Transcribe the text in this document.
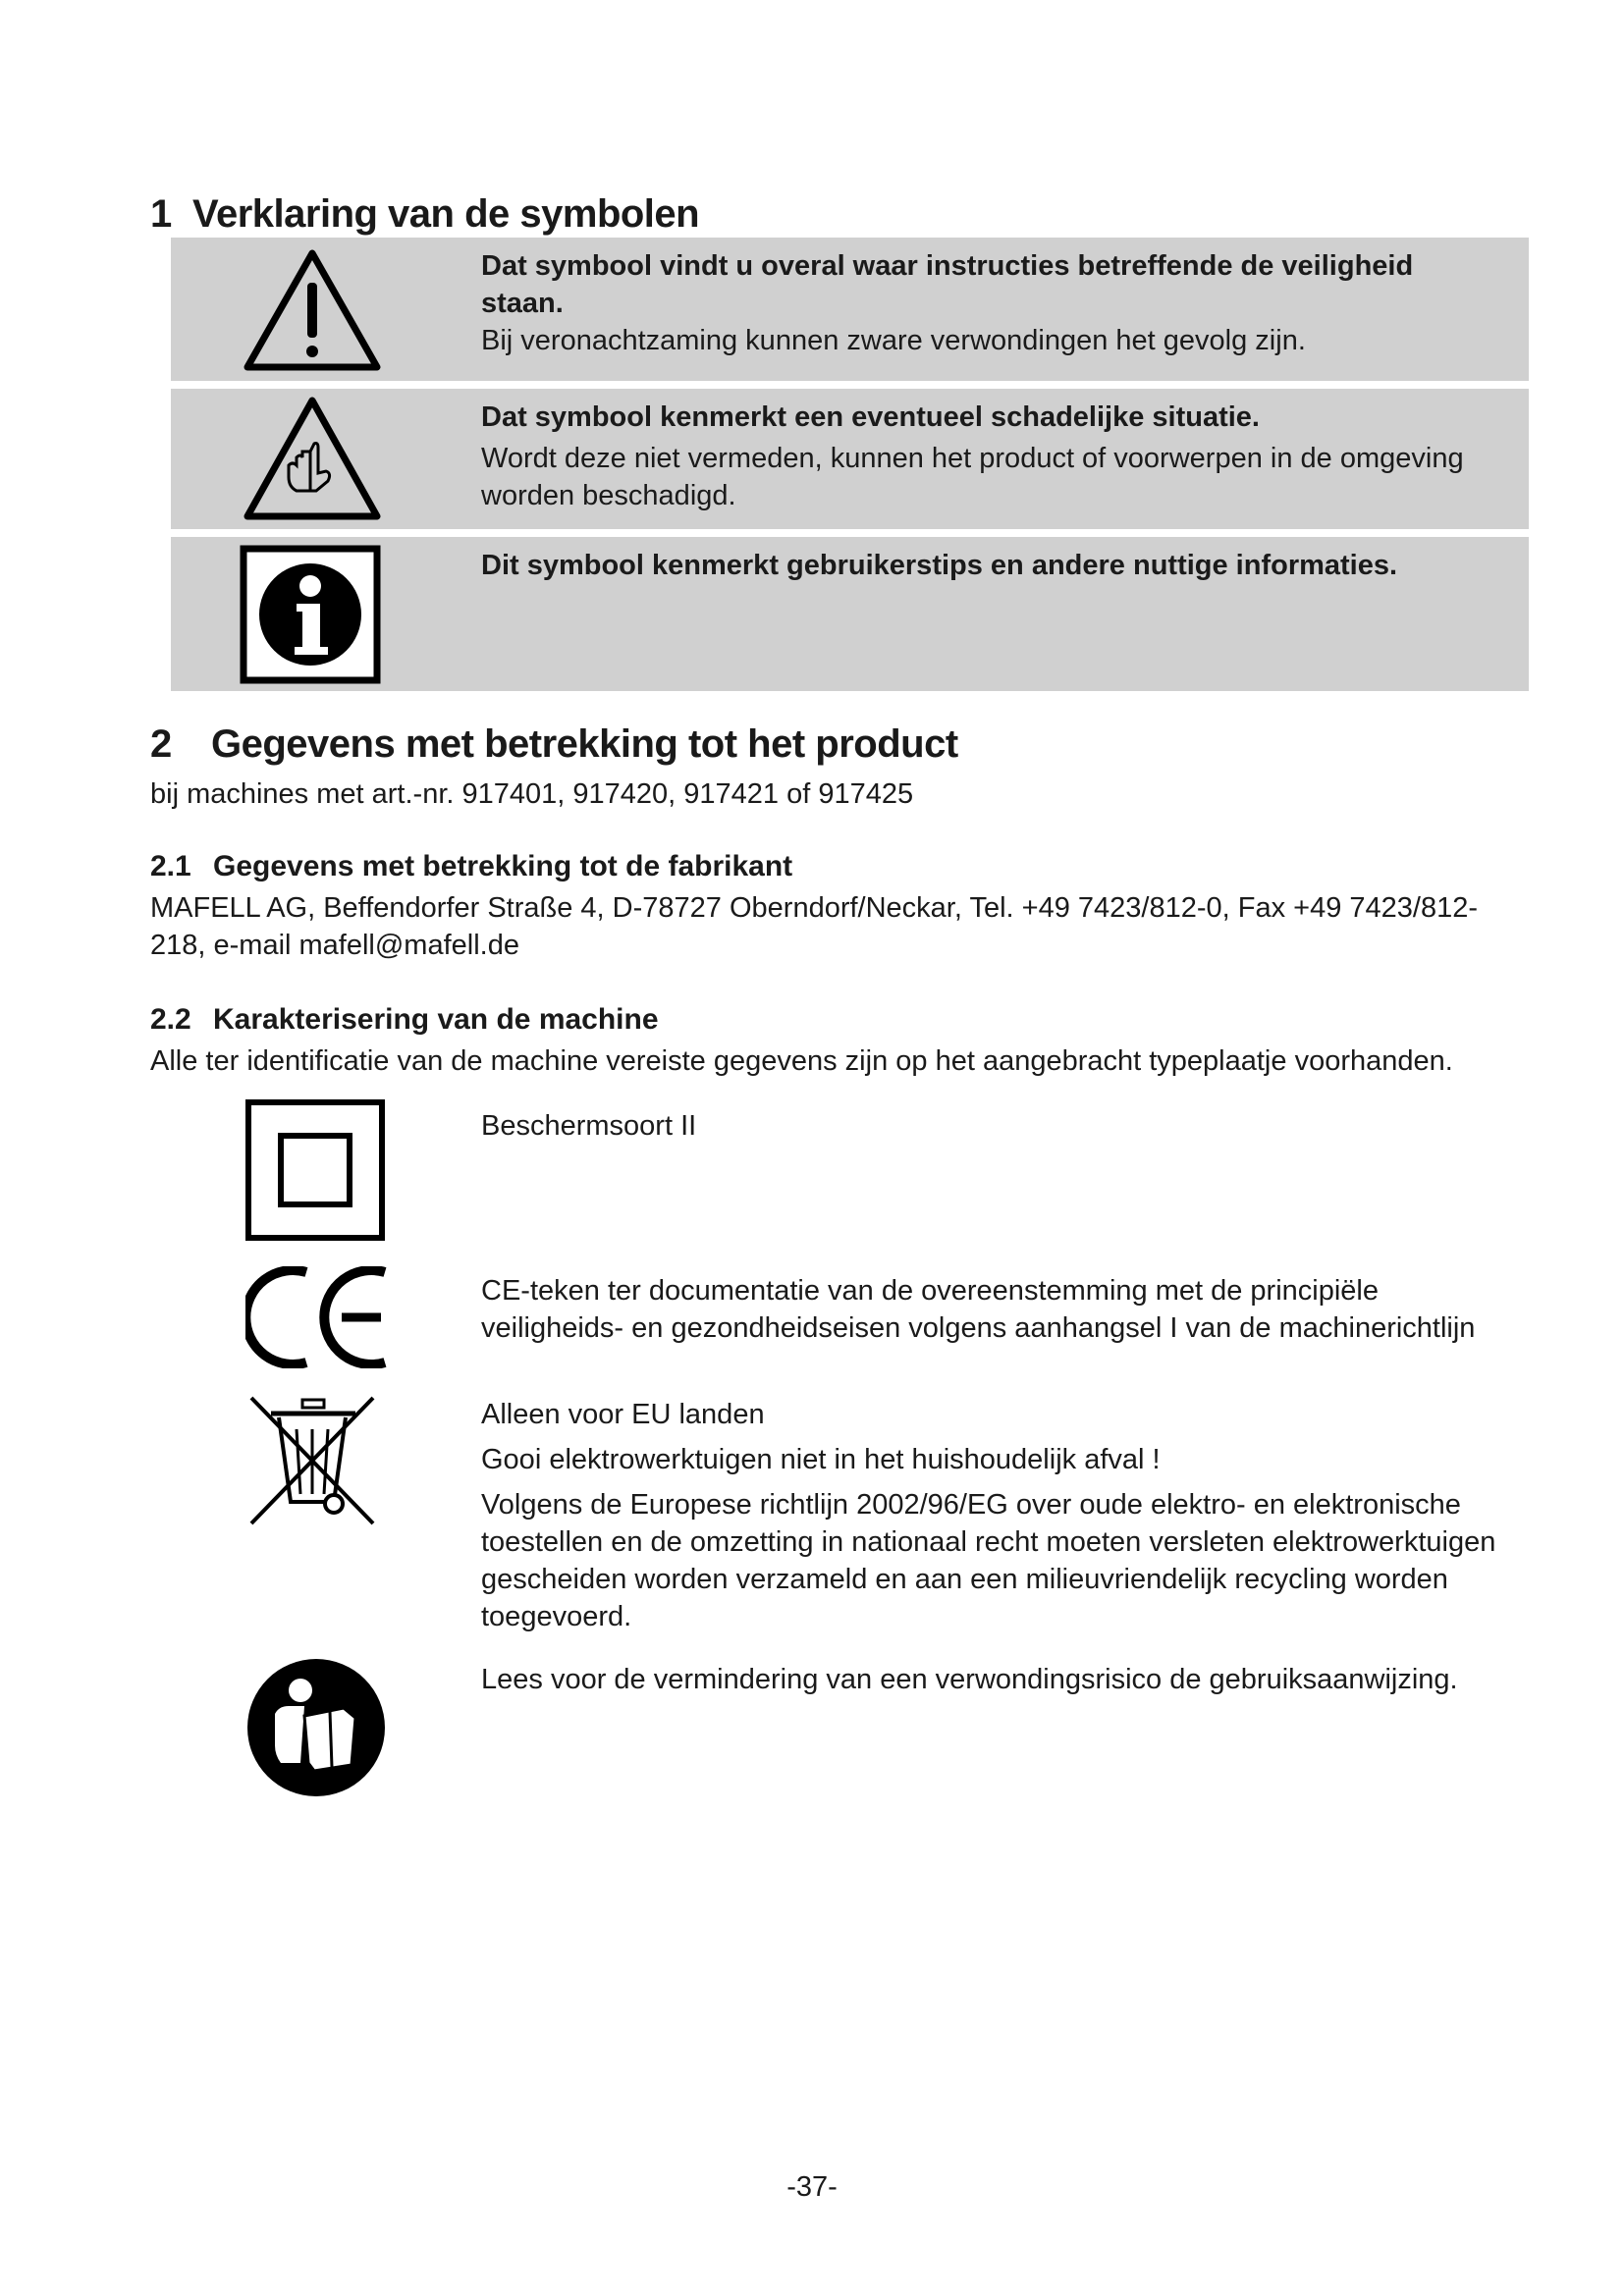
1 Verklaring van de symbolen
Dat symbool vindt u overal waar instructies betreffende de veiligheid staan.
Bij veronachtzaming kunnen zware verwondingen het gevolg zijn.
Dat symbool kenmerkt een eventueel schadelijke situatie.
Wordt deze niet vermeden, kunnen het product of voorwerpen in de omgeving worden beschadigd.
Dit symbool kenmerkt gebruikerstips en andere nuttige informaties.
2 Gegevens met betrekking tot het product
bij machines met art.-nr. 917401, 917420, 917421 of 917425
2.1 Gegevens met betrekking tot de fabrikant
MAFELL AG, Beffendorfer Straße 4, D-78727 Oberndorf/Neckar, Tel. +49 7423/812-0, Fax +49 7423/812-218, e-mail mafell@mafell.de
2.2 Karakterisering van de machine
Alle ter identificatie van de machine vereiste gegevens zijn op het aangebracht typeplaatje voorhanden.
Beschermsoort II
CE-teken ter documentatie van de overeenstemming met de principiële veiligheids- en gezondheidseisen volgens aanhangsel I van de machinerichtlijn

Alleen voor EU landen

Gooi elektrowerktuigen niet in het huishoudelijk afval !

Volgens de Europese richtlijn 2002/96/EG over oude elektro- en elektronische toestellen en de omzetting in nationaal recht moeten versleten elektrowerktuigen gescheiden worden verzameld en aan een milieuvriendelijk recycling worden toegevoerd.

Lees voor de vermindering van een verwondingsrisico de gebruiksaanwijzing.
-37-
